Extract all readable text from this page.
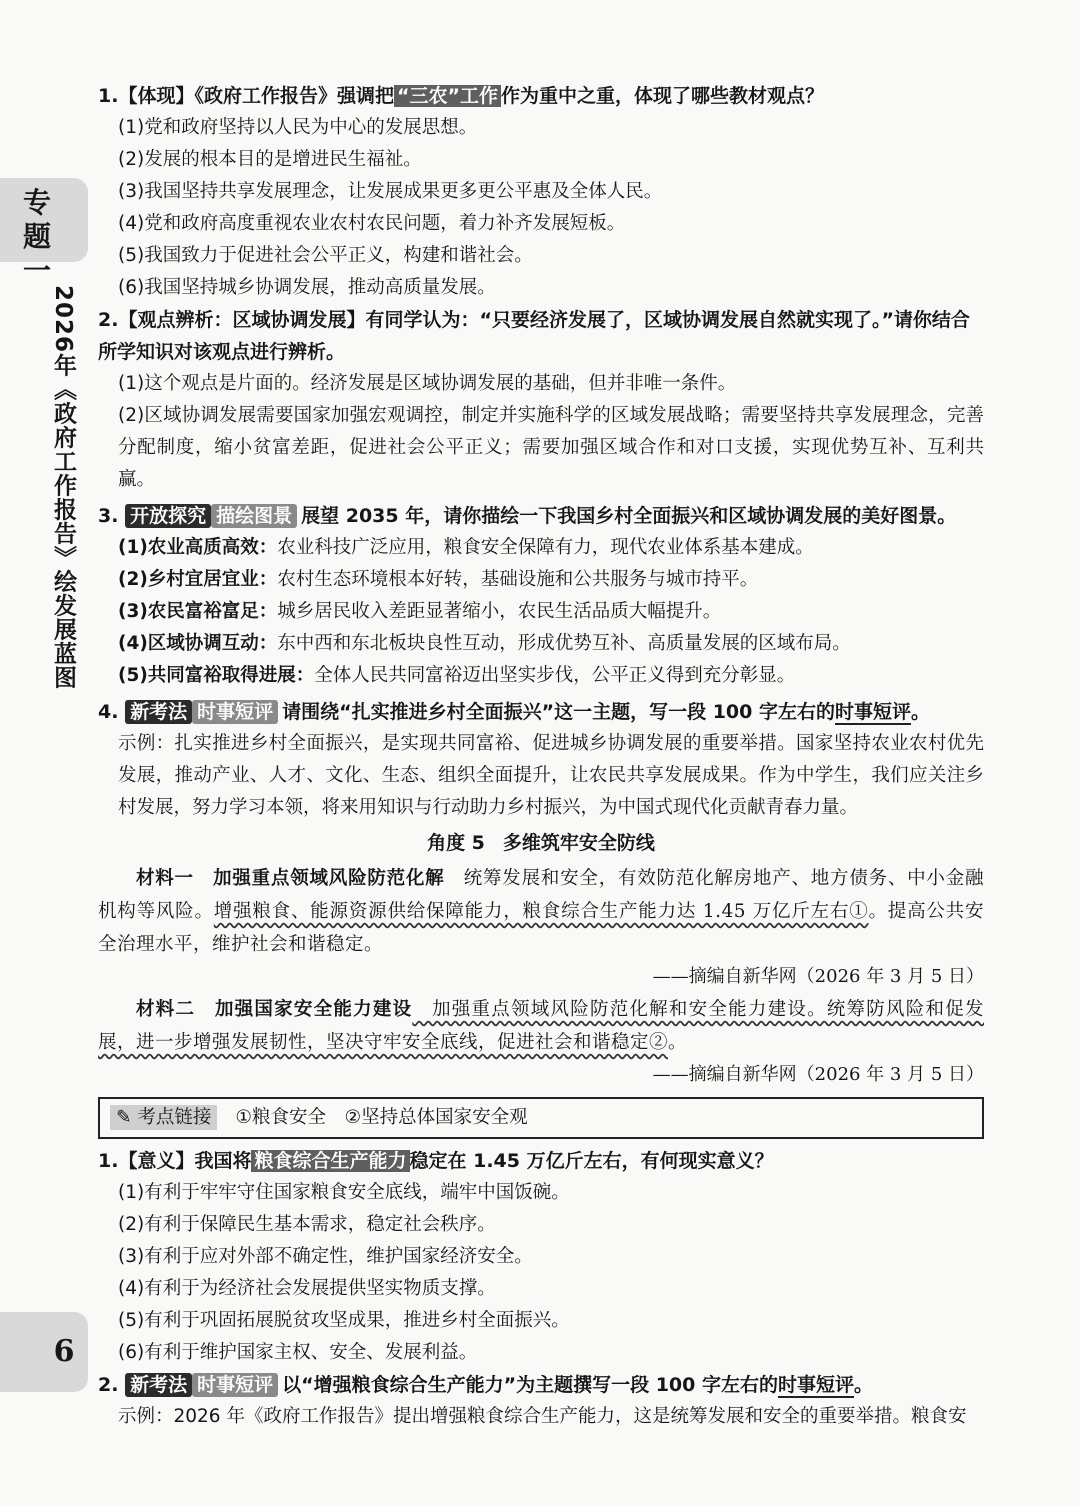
专题一
2026年《政府工作报告》绘发展蓝图
6

1.【体现】《政府工作报告》强调把 “三农”工作 作为重中之重，体现了哪些教材观点？

(1)党和政府坚持以人民为中心的发展思想。

(2)发展的根本目的是增进民生福祉。

(3)我国坚持共享发展理念，让发展成果更多更公平惠及全体人民。

(4)党和政府高度重视农业农村农民问题，着力补齐发展短板。

(5)我国致力于促进社会公平正义，构建和谐社会。

(6)我国坚持城乡协调发展，推动高质量发展。

2.【观点辨析：区域协调发展】有同学认为：“只要经济发展了，区域协调发展自然就实现了。”请你结合所学知识对该观点进行辨析。

(1)这个观点是片面的。经济发展是区域协调发展的基础，但并非唯一条件。

(2)区域协调发展需要国家加强宏观调控，制定并实施科学的区域发展战略；需要坚持共享发展理念，完善分配制度，缩小贫富差距，促进社会公平正义；需要加强区域合作和对口支援，实现优势互补、互利共赢。

3. 开放探究 描绘图景 展望 2035 年，请你描绘一下我国乡村全面振兴和区域协调发展的美好图景。

(1)农业高质高效：农业科技广泛应用，粮食安全保障有力，现代农业体系基本建成。

(2)乡村宜居宜业：农村生态环境根本好转，基础设施和公共服务与城市持平。

(3)农民富裕富足：城乡居民收入差距显著缩小，农民生活品质大幅提升。

(4)区域协调互动：东中西和东北板块良性互动，形成优势互补、高质量发展的区域布局。

(5)共同富裕取得进展：全体人民共同富裕迈出坚实步伐，公平正义得到充分彰显。

4. 新考法 时事短评 请围绕“扎实推进乡村全面振兴”这一主题，写一段 100 字左右的时事短评。

示例：扎实推进乡村全面振兴，是实现共同富裕、促进城乡协调发展的重要举措。国家坚持农业农村优先发展，推动产业、人才、文化、生态、组织全面提升，让农民共享发展成果。作为中学生，我们应关注乡村发展，努力学习本领，将来用知识与行动助力乡村振兴，为中国式现代化贡献青春力量。

角度 5 多维筑牢安全防线

材料一　加强重点领域风险防范化解　统筹发展和安全，有效防范化解房地产、地方债务、中小金融机构等风险。增强粮食、能源资源供给保障能力，粮食综合生产能力达 1.45 万亿斤左右①。提高公共安全治理水平，维护社会和谐稳定。

——摘编自新华网（2026 年 3 月 5 日）

材料二　加强国家安全能力建设　加强重点领域风险防范化解和安全能力建设。统筹防风险和促发展，进一步增强发展韧性，坚决守牢安全底线，促进社会和谐稳定②。

——摘编自新华网（2026 年 3 月 5 日）

✎ 考点链接 ①粮食安全　 ②坚持总体国家安全观

1.【意义】我国将 粮食综合生产能力 稳定在 1.45 万亿斤左右，有何现实意义？

(1)有利于牢牢守住国家粮食安全底线，端牢中国饭碗。

(2)有利于保障民生基本需求，稳定社会秩序。

(3)有利于应对外部不确定性，维护国家经济安全。

(4)有利于为经济社会发展提供坚实物质支撑。

(5)有利于巩固拓展脱贫攻坚成果，推进乡村全面振兴。

(6)有利于维护国家主权、安全、发展利益。

2. 新考法 时事短评 以“增强粮食综合生产能力”为主题撰写一段 100 字左右的时事短评。

示例：2026 年《政府工作报告》提出增强粮食综合生产能力，这是统筹发展和安全的重要举措。粮食安
